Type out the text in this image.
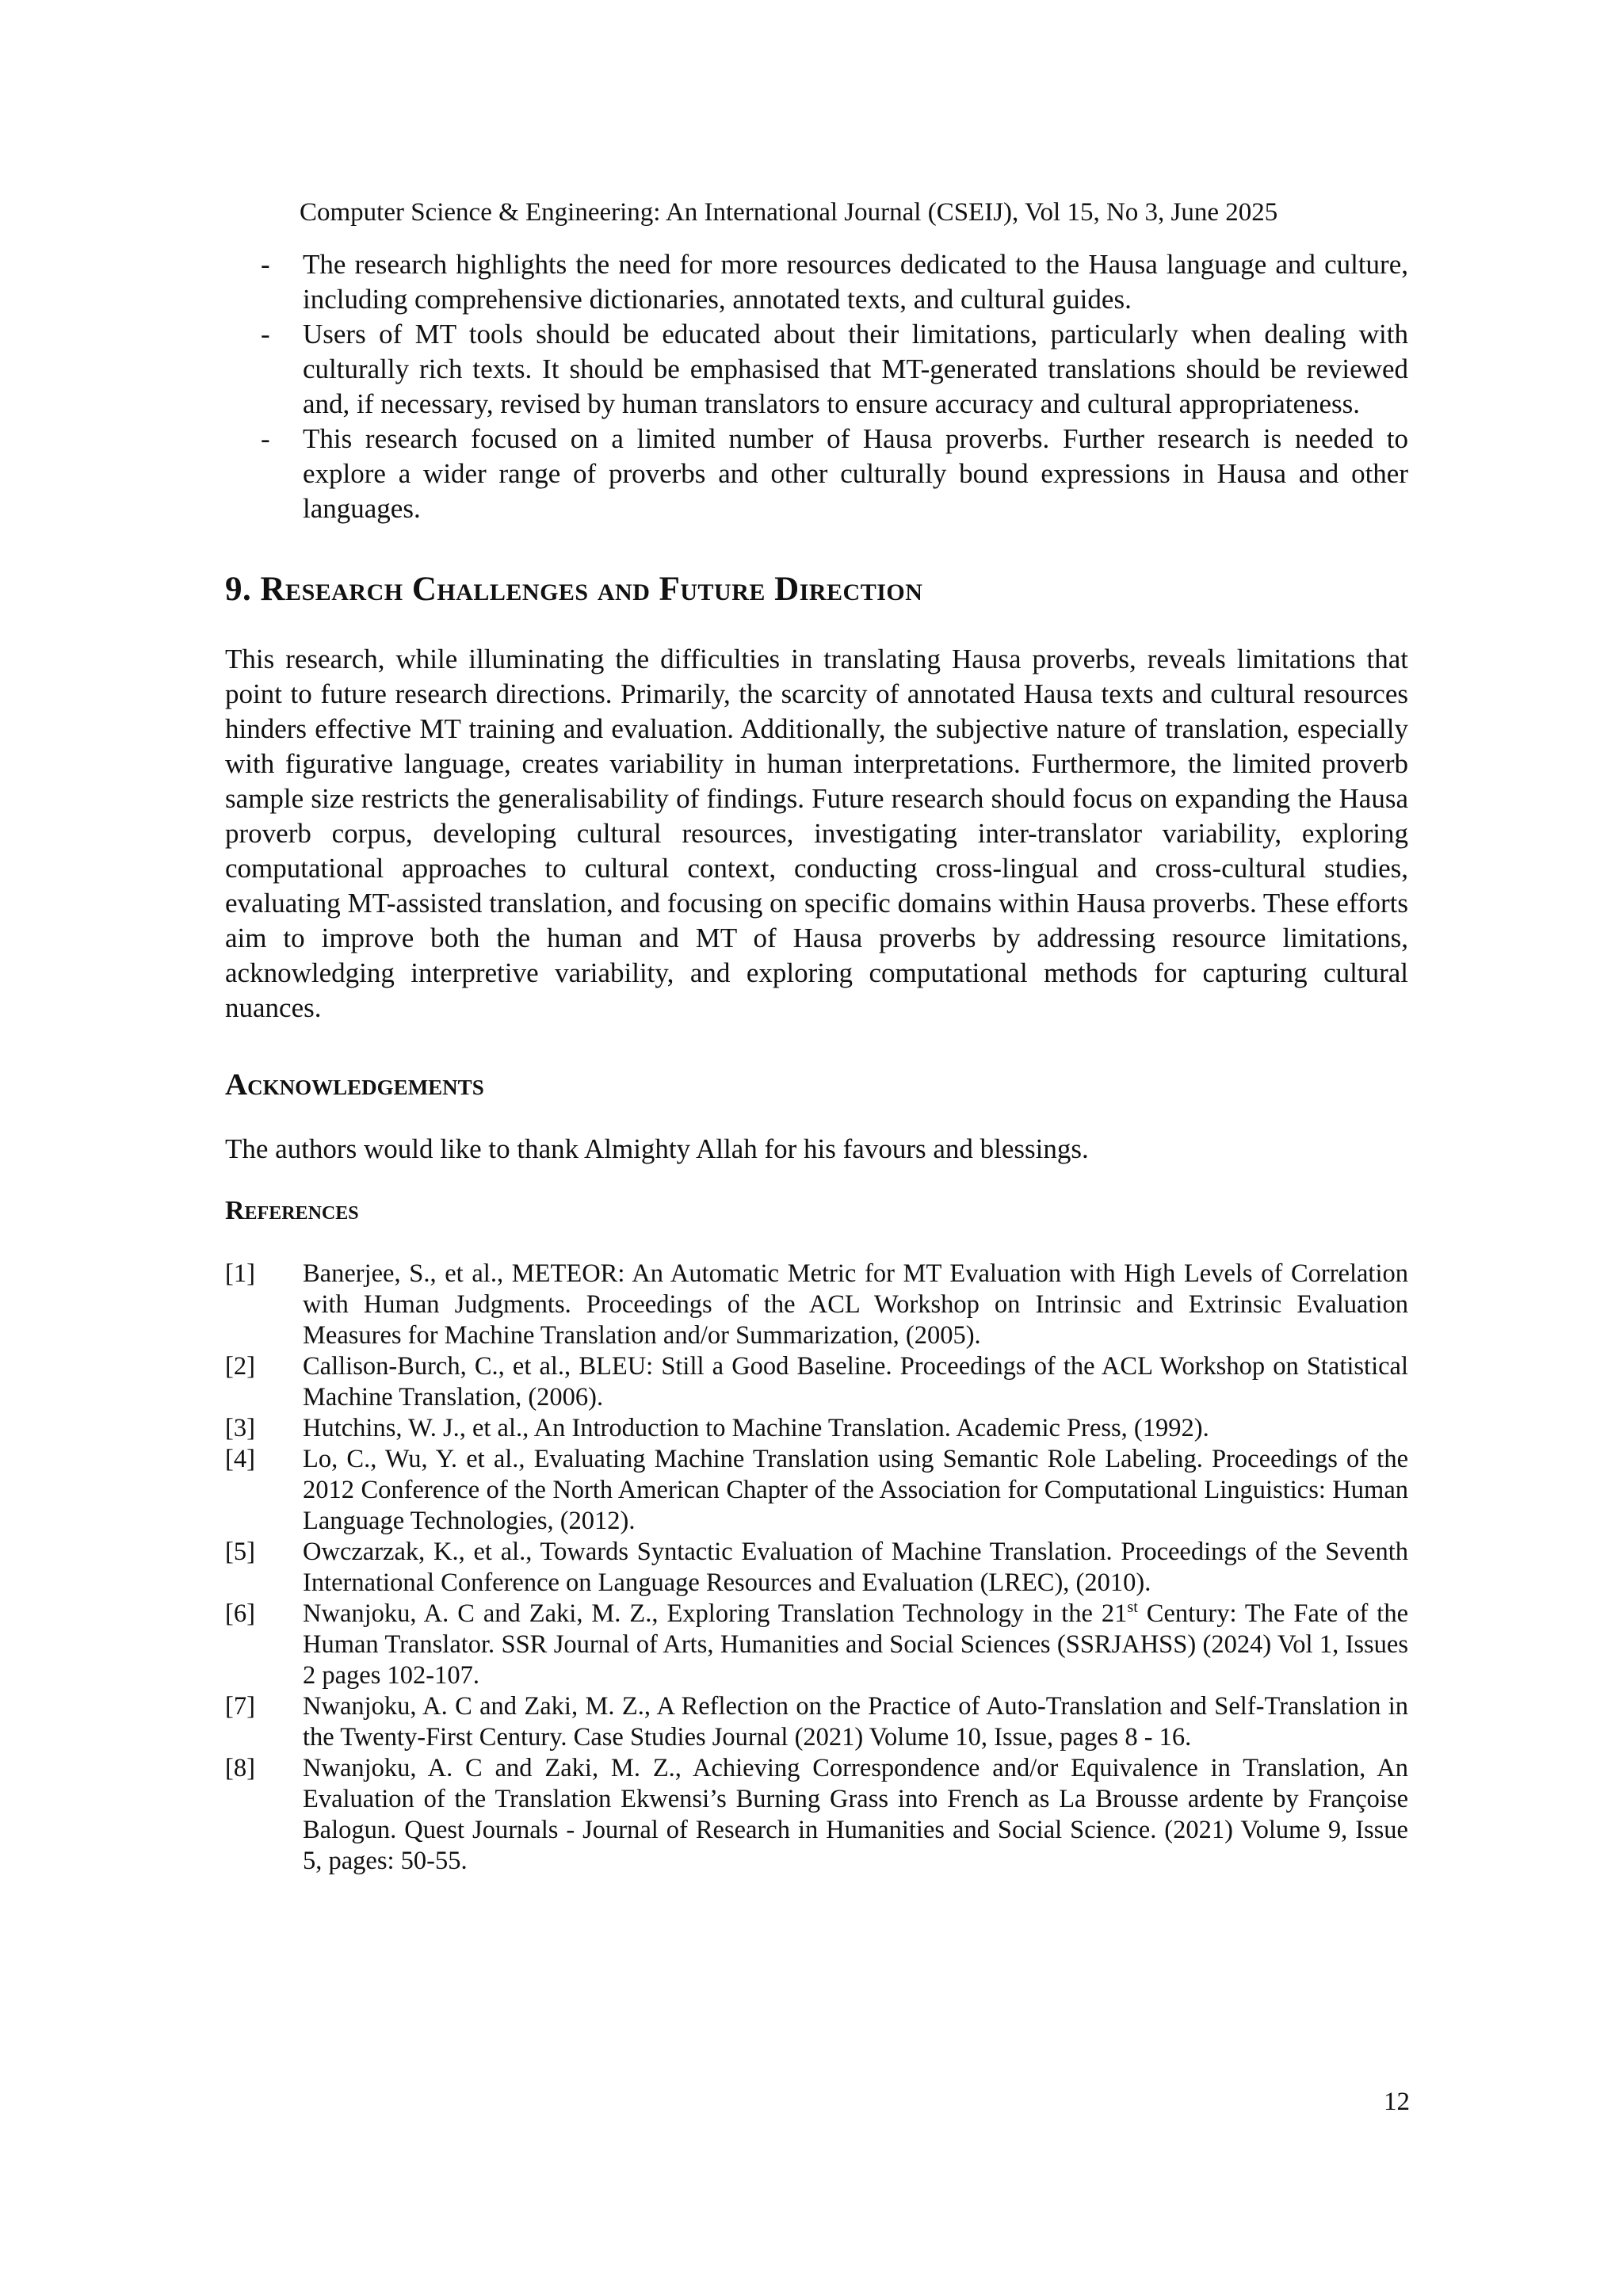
Computer Science & Engineering: An International Journal (CSEIJ), Vol 15, No 3, June 2025
- The research highlights the need for more resources dedicated to the Hausa language and culture, including comprehensive dictionaries, annotated texts, and cultural guides.
- Users of MT tools should be educated about their limitations, particularly when dealing with culturally rich texts. It should be emphasised that MT-generated translations should be reviewed and, if necessary, revised by human translators to ensure accuracy and cultural appropriateness.
- This research focused on a limited number of Hausa proverbs. Further research is needed to explore a wider range of proverbs and other culturally bound expressions in Hausa and other languages.
9. Research Challenges and Future Direction

This research, while illuminating the difficulties in translating Hausa proverbs, reveals limitations that point to future research directions. Primarily, the scarcity of annotated Hausa texts and cultural resources hinders effective MT training and evaluation. Additionally, the subjective nature of translation, especially with figurative language, creates variability in human interpretations. Furthermore, the limited proverb sample size restricts the generalisability of findings. Future research should focus on expanding the Hausa proverb corpus, developing cultural resources, investigating inter-translator variability, exploring computational approaches to cultural context, conducting cross-lingual and cross-cultural studies, evaluating MT-assisted translation, and focusing on specific domains within Hausa proverbs. These efforts aim to improve both the human and MT of Hausa proverbs by addressing resource limitations, acknowledging interpretive variability, and exploring computational methods for capturing cultural nuances.

Acknowledgements

The authors would like to thank Almighty Allah for his favours and blessings.

References
[1] Banerjee, S., et al., METEOR: An Automatic Metric for MT Evaluation with High Levels of Correlation with Human Judgments. Proceedings of the ACL Workshop on Intrinsic and Extrinsic Evaluation Measures for Machine Translation and/or Summarization, (2005).
[2] Callison-Burch, C., et al., BLEU: Still a Good Baseline. Proceedings of the ACL Workshop on Statistical Machine Translation, (2006).
[3] Hutchins, W. J., et al., An Introduction to Machine Translation. Academic Press, (1992).
[4] Lo, C., Wu, Y. et al., Evaluating Machine Translation using Semantic Role Labeling. Proceedings of the 2012 Conference of the North American Chapter of the Association for Computational Linguistics: Human Language Technologies, (2012).
[5] Owczarzak, K., et al., Towards Syntactic Evaluation of Machine Translation. Proceedings of the Seventh International Conference on Language Resources and Evaluation (LREC), (2010).
[6] Nwanjoku, A. C and Zaki, M. Z., Exploring Translation Technology in the 21st Century: The Fate of the Human Translator. SSR Journal of Arts, Humanities and Social Sciences (SSRJAHSS) (2024) Vol 1, Issues 2 pages 102-107.
[7] Nwanjoku, A. C and Zaki, M. Z., A Reflection on the Practice of Auto-Translation and Self-Translation in the Twenty-First Century. Case Studies Journal (2021) Volume 10, Issue, pages 8 - 16.
[8] Nwanjoku, A. C and Zaki, M. Z., Achieving Correspondence and/or Equivalence in Translation, An Evaluation of the Translation Ekwensi’s Burning Grass into French as La Brousse ardente by Françoise Balogun. Quest Journals - Journal of Research in Humanities and Social Science. (2021) Volume 9, Issue 5, pages: 50-55.
12
